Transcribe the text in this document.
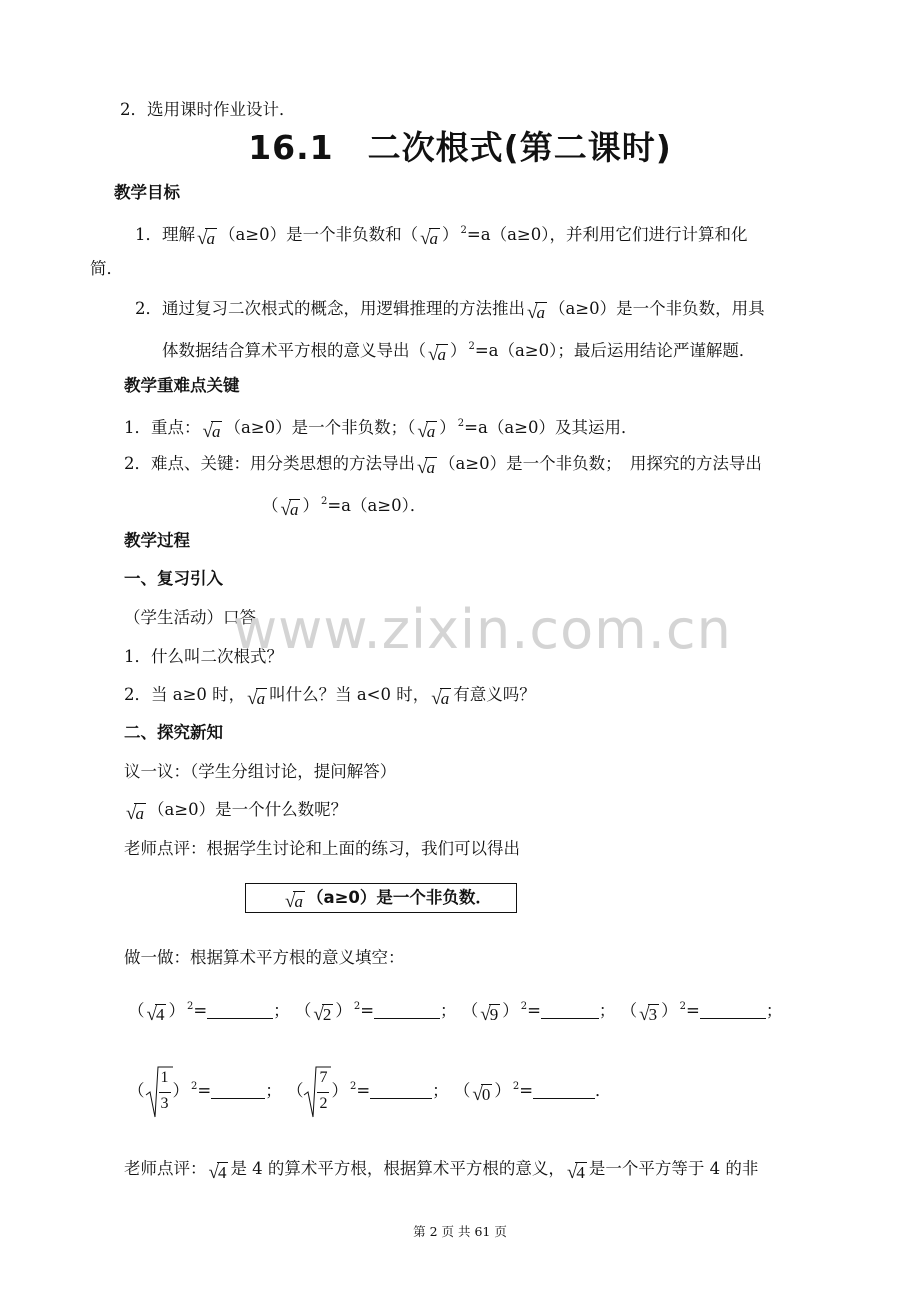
2．选用课时作业设计．
16.1　二次根式(第二课时)
教学目标
1．理解 √a （a≥0）是一个非负数和（ √a ） $^2$=a（a≥0），并利用它们进行计算和化
简．
2．通过复习二次根式的概念，用逻辑推理的方法推出 √a （a≥0）是一个非负数，用具
体数据结合算术平方根的意义导出（ √a ） $^2$=a（a≥0）；最后运用结论严谨解题．
教学重难点关键
1．重点： √a （a≥0）是一个非负数；（ √a ） $^2$=a（a≥0）及其运用．
2．难点、关键：用分类思想的方法导出 √a （a≥0）是一个非负数；　用探究的方法导出
（ √a ） $^2$=a（a≥0）．
教学过程
一、复习引入
（学生活动）口答
1．什么叫二次根式？
2．当 a≥0 时， √a 叫什么？当 a<0 时， √a 有意义吗？
二、探究新知
议一议：（学生分组讨论，提问解答）
√a （a≥0）是一个什么数呢？
老师点评：根据学生讨论和上面的练习，我们可以得出
√a （a≥0）是一个非负数．
做一做：根据算术平方根的意义填空：
（ √4 ） $^2$=	； （ √2 ） $^2$=	； （ √9 ） $^2$=	； （ √3 ） $^2$=	；
（ $\frac{1}{3}$ ） $^2$=	； （ $\frac{7}{2}$ ） $^2$=	； （ √0 ） $^2$=	．
老师点评： √4 是 4 的算术平方根，根据算术平方根的意义， √4 是一个平方等于 4 的非
www.zixin.com.cn
第 2 页 共 61 页
